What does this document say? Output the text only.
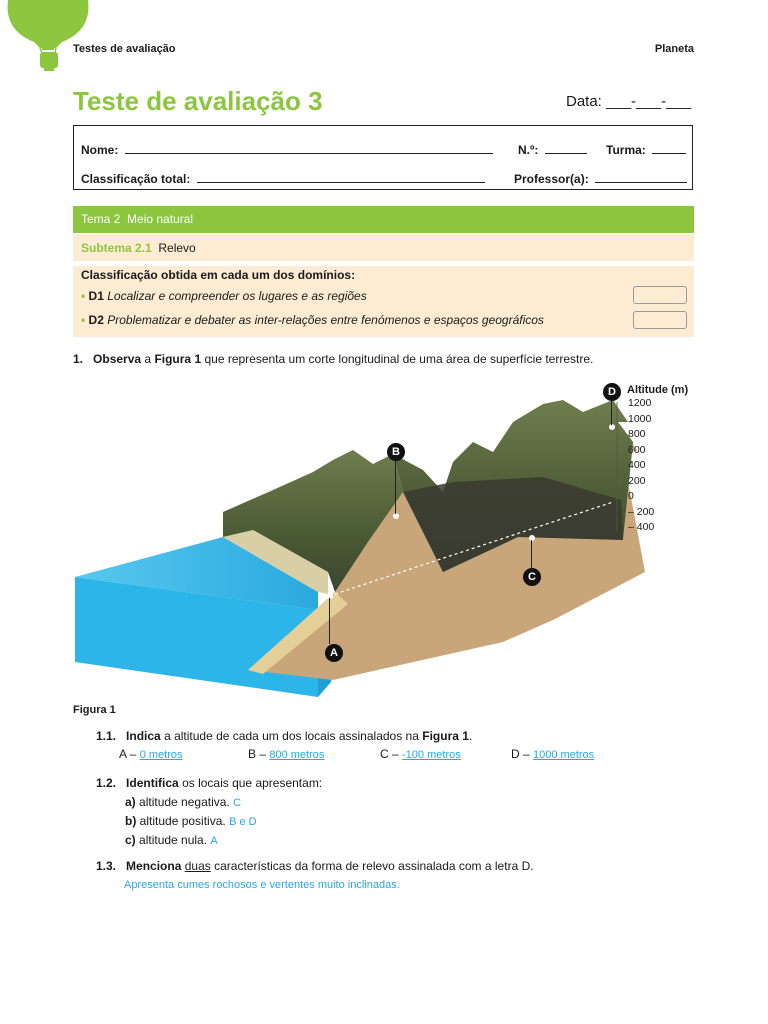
Testes de avaliação	Planeta
Teste de avaliação 3	Data: ___-___-___
Nome:	N.º:	Turma:
Classificação total:	Professor(a):
Tema 2 Meio natural
Subtema 2.1 Relevo
Classificação obtida em cada um dos domínios:
• D1 Localizar e compreender os lugares e as regiões
• D2 Problematizar e debater as inter-relações entre fenómenos e espaços geográficos
1. Observa a Figura 1 que representa um corte longitudinal de uma área de superfície terrestre.
A
B
C
D	Altitude (m)
1200
1000
800
600
400
200
0
– 200
– 400
Figura 1
1.1. Indica a altitude de cada um dos locais assinalados na Figura 1.
A – 0 metros	B – 800 metros	C – -100 metros	D – 1000 metros
1.2. Identifica os locais que apresentam:
a) altitude negativa. C
b) altitude positiva. B e D
c) altitude nula. A
1.3. Menciona duas características da forma de relevo assinalada com a letra D.
Apresenta cumes rochosos e vertentes muito inclinadas.
